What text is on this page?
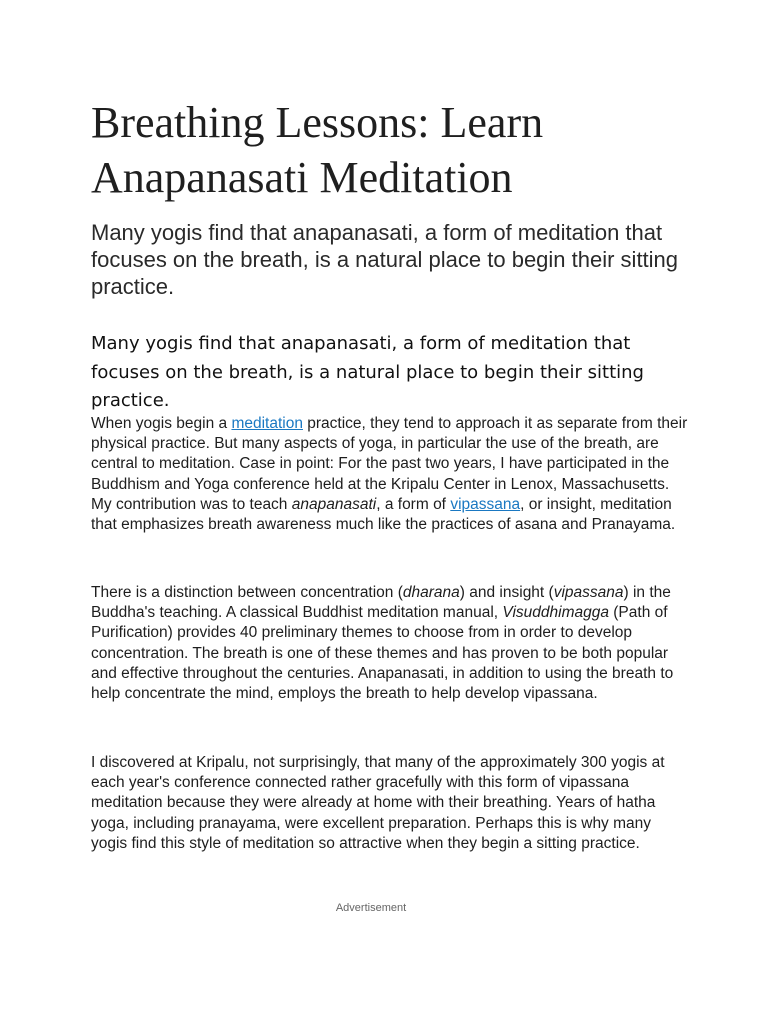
Breathing Lessons: Learn
Anapanasati Meditation

Many yogis find that anapanasati, a form of meditation that focuses on the breath, is a natural place to begin their sitting practice.

Many yogis find that anapanasati, a form of meditation that focuses on the breath, is a natural place to begin their sitting practice.

When yogis begin a meditation practice, they tend to approach it as separate from their physical practice. But many aspects of yoga, in particular the use of the breath, are central to meditation. Case in point: For the past two years, I have participated in the Buddhism and Yoga conference held at the Kripalu Center in Lenox, Massachusetts. My contribution was to teach anapanasati, a form of vipassana, or insight, meditation that emphasizes breath awareness much like the practices of asana and Pranayama.

There is a distinction between concentration (dharana) and insight (vipassana) in the Buddha's teaching. A classical Buddhist meditation manual, Visuddhimagga (Path of Purification) provides 40 preliminary themes to choose from in order to develop concentration. The breath is one of these themes and has proven to be both popular and effective throughout the centuries. Anapanasati, in addition to using the breath to help concentrate the mind, employs the breath to help develop vipassana.

I discovered at Kripalu, not surprisingly, that many of the approximately 300 yogis at each year's conference connected rather gracefully with this form of vipassana meditation because they were already at home with their breathing. Years of hatha yoga, including pranayama, were excellent preparation. Perhaps this is why many yogis find this style of meditation so attractive when they begin a sitting practice.

Advertisement
